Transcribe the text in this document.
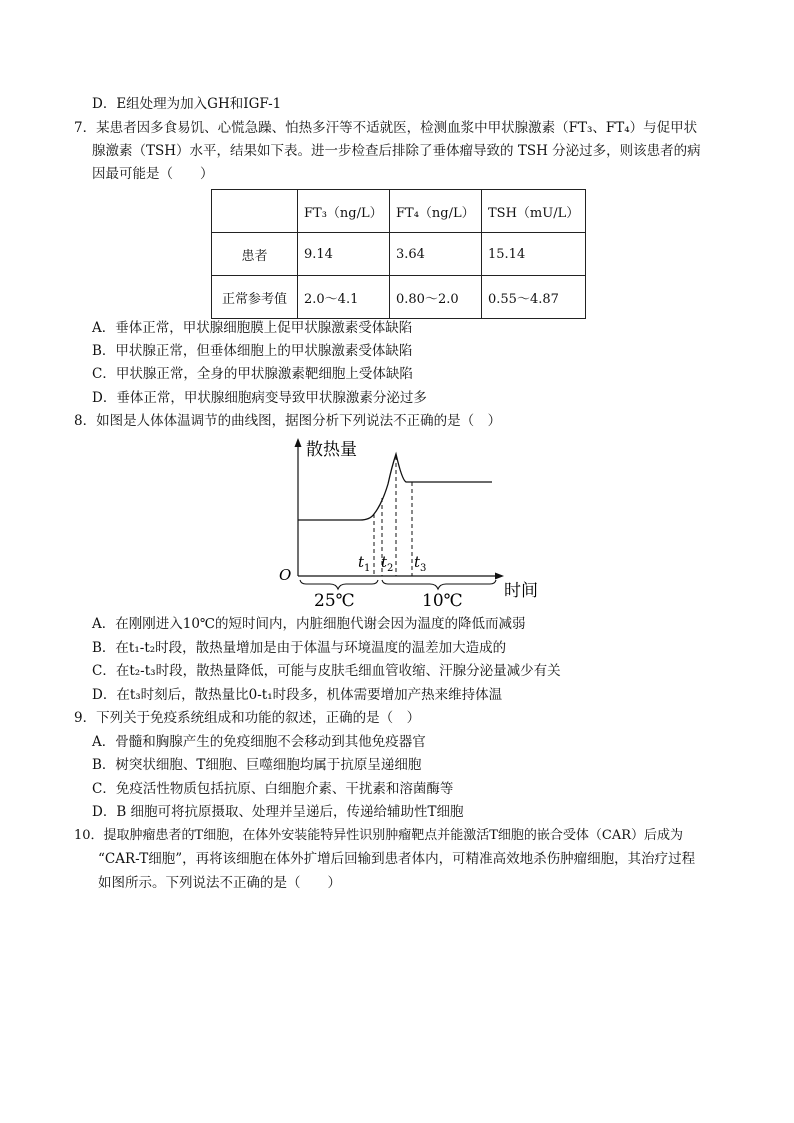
D．E组处理为加入GH和IGF-1
7．某患者因多食易饥、心慌急躁、怕热多汗等不适就医，检测血浆中甲状腺激素（FT₃、FT₄）与促甲状
腺激素（TSH）水平，结果如下表。进一步检查后排除了垂体瘤导致的 TSH 分泌过多，则该患者的病
因最可能是（　　）
	FT₃（ng/L）	FT₄（ng/L）	TSH（mU/L）
患者	9.14	3.64	15.14
正常参考值	2.0～4.1	0.80～2.0	0.55～4.87
A．垂体正常，甲状腺细胞膜上促甲状腺激素受体缺陷
B．甲状腺正常，但垂体细胞上的甲状腺激素受体缺陷
C．甲状腺正常，全身的甲状腺激素靶细胞上受体缺陷
D．垂体正常，甲状腺细胞病变导致甲状腺激素分泌过多
8．如图是人体体温调节的曲线图，据图分析下列说法不正确的是（　）
散热量
时间
O
$t_1$ $t_2$ $t_3$
25℃	10℃
A．在刚刚进入10℃的短时间内，内脏细胞代谢会因为温度的降低而减弱
B．在t₁-t₂时段，散热量增加是由于体温与环境温度的温差加大造成的
C．在t₂-t₃时段，散热量降低，可能与皮肤毛细血管收缩、汗腺分泌量减少有关
D．在t₃时刻后，散热量比0-t₁时段多，机体需要增加产热来维持体温
9．下列关于免疫系统组成和功能的叙述，正确的是（　）
A．骨髓和胸腺产生的免疫细胞不会移动到其他免疫器官
B．树突状细胞、T细胞、巨噬细胞均属于抗原呈递细胞
C．免疫活性物质包括抗原、白细胞介素、干扰素和溶菌酶等
D．B 细胞可将抗原摄取、处理并呈递后，传递给辅助性T细胞
10．提取肿瘤患者的T细胞，在体外安装能特异性识别肿瘤靶点并能激活T细胞的嵌合受体（CAR）后成为
“CAR-T细胞”，再将该细胞在体外扩增后回输到患者体内，可精准高效地杀伤肿瘤细胞，其治疗过程
如图所示。下列说法不正确的是（　　）
